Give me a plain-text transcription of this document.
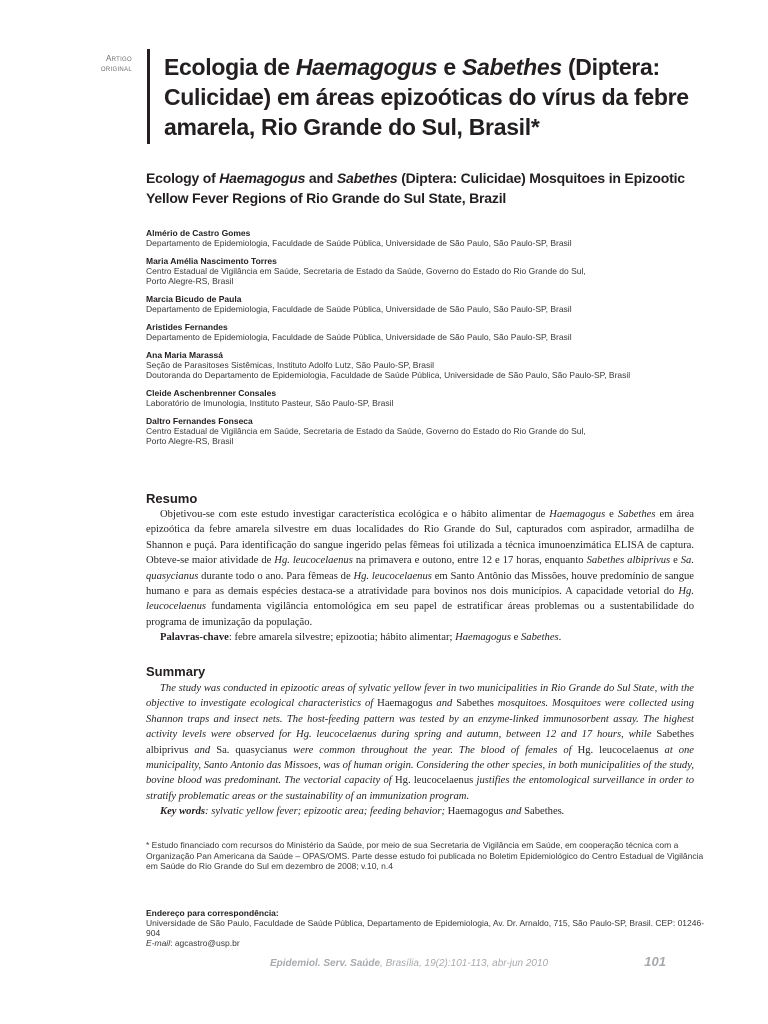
Artigo
original Ecologia de Haemagogus e Sabethes (Diptera: Culicidae) em áreas epizoóticas do vírus da febre amarela, Rio Grande do Sul, Brasil*
Ecology of Haemagogus and Sabethes (Diptera: Culicidae) Mosquitoes in Epizootic Yellow Fever Regions of Rio Grande do Sul State, Brazil
Almério de Castro Gomes
Departamento de Epidemiologia, Faculdade de Saúde Pública, Universidade de São Paulo, São Paulo-SP, Brasil
Maria Amélia Nascimento Torres
Centro Estadual de Vigilância em Saúde, Secretaria de Estado da Saúde, Governo do Estado do Rio Grande do Sul,
Porto Alegre-RS, Brasil
Marcia Bicudo de Paula
Departamento de Epidemiologia, Faculdade de Saúde Pública, Universidade de São Paulo, São Paulo-SP, Brasil
Aristides Fernandes
Departamento de Epidemiologia, Faculdade de Saúde Pública, Universidade de São Paulo, São Paulo-SP, Brasil
Ana Maria Marassá
Seção de Parasitoses Sistêmicas, Instituto Adolfo Lutz, São Paulo-SP, Brasil
Doutoranda do Departamento de Epidemiologia, Faculdade de Saúde Pública, Universidade de São Paulo, São Paulo-SP, Brasil
Cleide Aschenbrenner Consales
Laboratório de Imunologia, Instituto Pasteur, São Paulo-SP, Brasil
Daltro Fernandes Fonseca
Centro Estadual de Vigilância em Saúde, Secretaria de Estado da Saúde, Governo do Estado do Rio Grande do Sul,
Porto Alegre-RS, Brasil
Resumo

Objetivou-se com este estudo investigar característica ecológica e o hábito alimentar de Haemagogus e Sabethes em área epizoótica da febre amarela silvestre em duas localidades do Rio Grande do Sul, capturados com aspirador, armadilha de Shannon e puçá. Para identificação do sangue ingerido pelas fêmeas foi utilizada a técnica imunoenzimática ELISA de captura. Obteve-se maior atividade de Hg. leucocelaenus na primavera e outono, entre 12 e 17 horas, enquanto Sabethes albiprivus e Sa. quasycianus durante todo o ano. Para fêmeas de Hg. leucocelaenus em Santo Antônio das Missões, houve predomínio de sangue humano e para as demais espécies destaca-se a atratividade para bovinos nos dois municípios. A capacidade vetorial do Hg. leucocelaenus fundamenta vigilância entomológica em seu papel de estratificar áreas problemas ou a sustentabilidade do programa de imunização da população.

Palavras-chave: febre amarela silvestre; epizootia; hábito alimentar; Haemagogus e Sabethes.

Summary

The study was conducted in epizootic areas of sylvatic yellow fever in two municipalities in Rio Grande do Sul State, with the objective to investigate ecological characteristics of Haemagogus and Sabethes mosquitoes. Mosquitoes were collected using Shannon traps and insect nets. The host-feeding pattern was tested by an enzyme-linked immunosorbent assay. The highest activity levels were observed for Hg. leucocelaenus during spring and autumn, between 12 and 17 hours, while Sabethes albiprivus and Sa. quasycianus were common throughout the year. The blood of females of Hg. leucocelaenus at one municipality, Santo Antonio das Missoes, was of human origin. Considering the other species, in both municipalities of the study, bovine blood was predominant. The vectorial capacity of Hg. leucocelaenus justifies the entomological surveillance in order to stratify problematic areas or the sustainability of an immunization program.

Key words: sylvatic yellow fever; epizootic area; feeding behavior; Haemagogus and Sabethes.

* Estudo financiado com recursos do Ministério da Saúde, por meio de sua Secretaria de Vigilância em Saúde, em cooperação técnica com a Organização Pan Americana da Saúde – OPAS/OMS. Parte desse estudo foi publicada no Boletim Epidemiológico do Centro Estadual de Vigilância em Saúde do Rio Grande do Sul em dezembro de 2008; v.10, n.4
Endereço para correspondência:
Universidade de São Paulo, Faculdade de Saúde Pública, Departamento de Epidemiologia, Av. Dr. Arnaldo, 715, São Paulo-SP, Brasil. CEP: 01246-904
E-mail: agcastro@usp.br
Epidemiol. Serv. Saúde, Brasília, 19(2):101-113, abr-jun 2010	101
